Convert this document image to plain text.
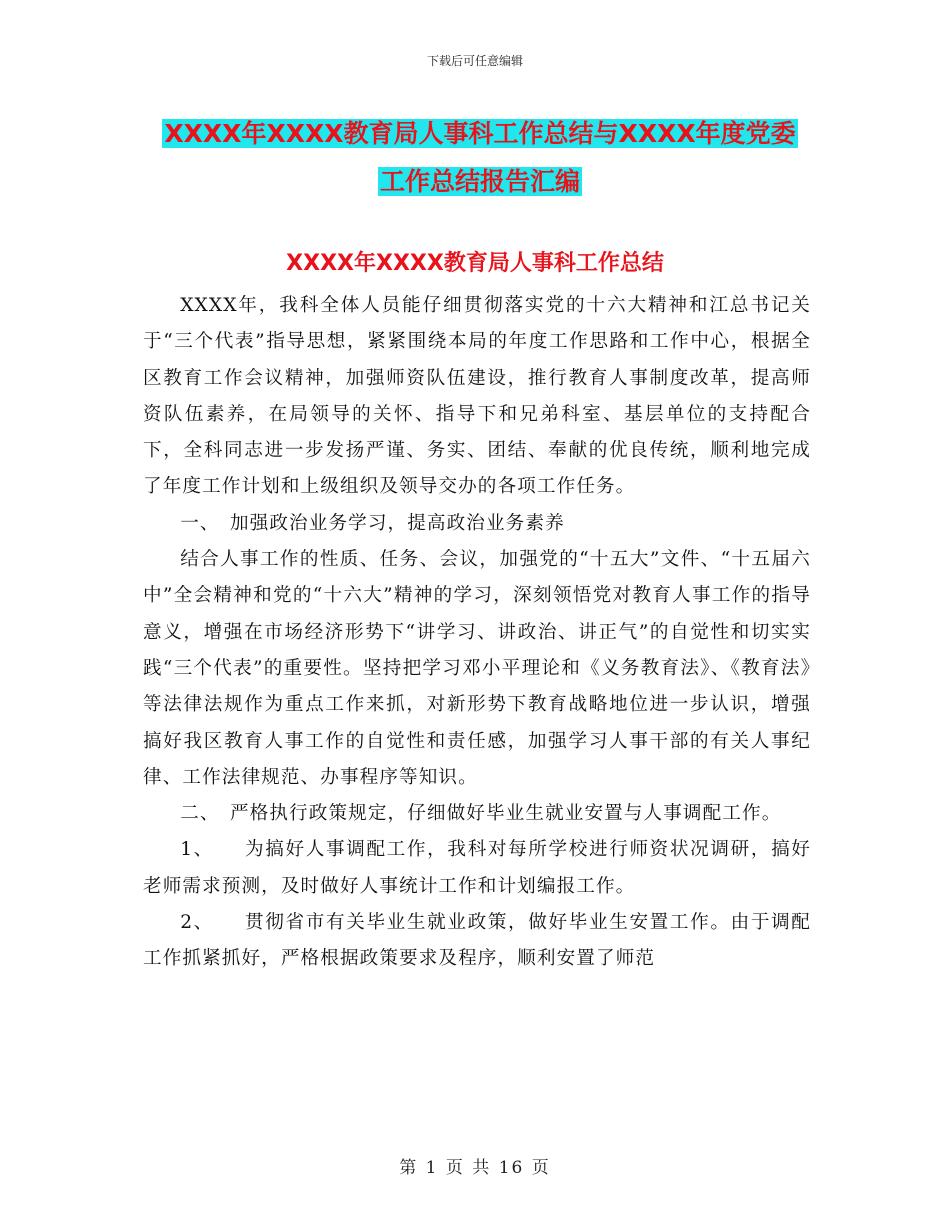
下载后可任意编辑
XXXX年XXXX教育局人事科工作总结与XXXX年度党委
工作总结报告汇编
XXXX年XXXX教育局人事科工作总结

XXXX年，我科全体人员能仔细贯彻落实党的十六大精神和江总书记关于“三个代表”指导思想，紧紧围绕本局的年度工作思路和工作中心，根据全区教育工作会议精神，加强师资队伍建设，推行教育人事制度改革，提高师资队伍素养，在局领导的关怀、指导下和兄弟科室、基层单位的支持配合下，全科同志进一步发扬严谨、务实、团结、奉献的优良传统，顺利地完成了年度工作计划和上级组织及领导交办的各项工作任务。

一、　加强政治业务学习，提高政治业务素养

结合人事工作的性质、任务、会议，加强党的“十五大”文件、“十五届六中”全会精神和党的“十六大”精神的学习，深刻领悟党对教育人事工作的指导意义，增强在市场经济形势下“讲学习、讲政治、讲正气”的自觉性和切实实践“三个代表”的重要性。坚持把学习邓小平理论和《义务教育法》、《教育法》等法律法规作为重点工作来抓，对新形势下教育战略地位进一步认识，增强搞好我区教育人事工作的自觉性和责任感，加强学习人事干部的有关人事纪律、工作法律规范、办事程序等知识。

二、　严格执行政策规定，仔细做好毕业生就业安置与人事调配工作。

1、　　为搞好人事调配工作，我科对每所学校进行师资状况调研，搞好老师需求预测，及时做好人事统计工作和计划编报工作。

2、　　贯彻省市有关毕业生就业政策，做好毕业生安置工作。由于调配工作抓紧抓好，严格根据政策要求及程序，顺利安置了师范

第 1 页 共 16 页
